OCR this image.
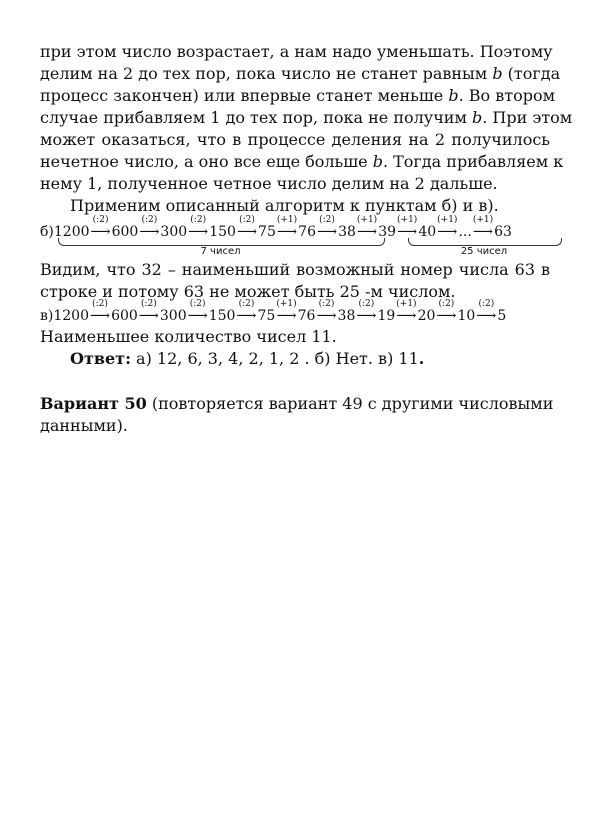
при этом число возрастает, а нам надо уменьшать. Поэтому
делим на 2 до тех пор, пока число не станет равным b (тогда
процесс закончен) или впервые станет меньше b. Во втором
случае прибавляем 1 до тех пор, пока не получим b. При этом
может оказаться, что в процессе деления на 2 получилось
нечетное число, а оно все еще больше b. Тогда прибавляем к
нему 1, полученное четное число делим на 2 дальше.
Применим описанный алгоритм к пунктам б) и в).
б)1200
(:2)
⟶ 600
(:2)
⟶ 300
(:2)
⟶ 150
(:2)
⟶ 75
(+1)
⟶ 76
(:2)
⟶ 38
(+1)
⟶ 39
(+1)
⟶ 40
(+1)
⟶ ...
(+1)
⟶ 63
7 чисел	25 чисел
Видим, что 32 – наименьший возможный номер числа 63 в
строке и потому 63 не может быть 25 -м числом.
в)1200
(:2)
⟶ 600
(:2)
⟶ 300
(:2)
⟶ 150
(:2)
⟶ 75
(+1)
⟶ 76
(:2)
⟶ 38
(:2)
⟶ 19
(+1)
⟶ 20
(:2)
⟶ 10
(:2)
⟶ 5
Наименьшее количество чисел 11.
Ответ: а) 12, 6, 3, 4, 2, 1, 2 . б) Нет. в) 11.
Вариант 50 (повторяется вариант 49 с другими числовыми
данными).
